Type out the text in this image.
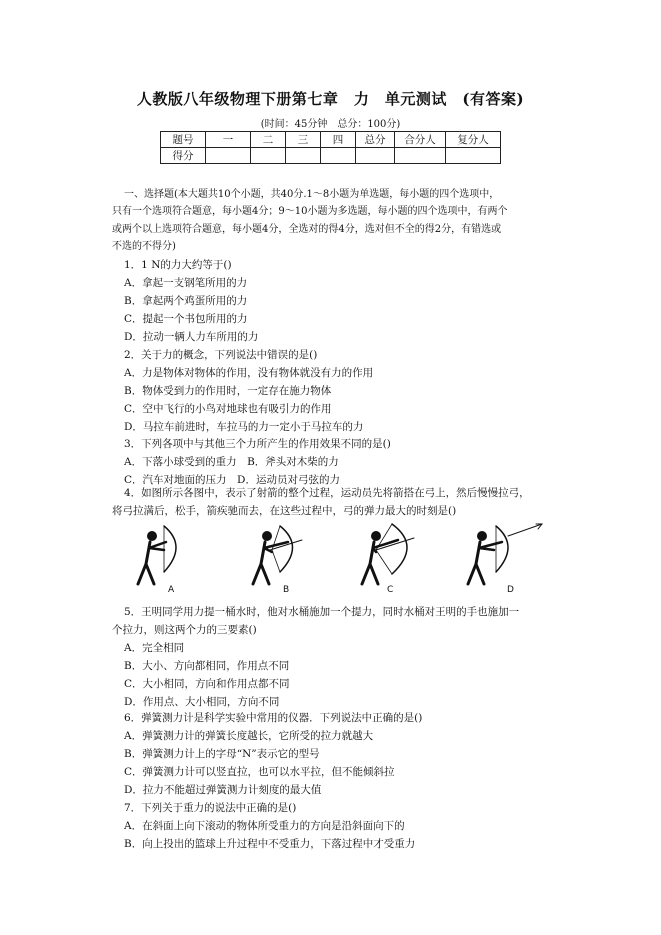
人教版八年级物理下册第七章　力　单元测试　(有答案)
(时间：45分钟　总分：100分)
题号	一	二	三	四	总分	合分人	复分人
得分							
一、选择题(本大题共10个小题，共40分.1～8小题为单选题，每小题的四个选项中，
只有一个选项符合题意，每小题4分；9～10小题为多选题，每小题的四个选项中，有两个
或两个以上选项符合题意，每小题4分，全选对的得4分，选对但不全的得2分，有错选或
不选的不得分)
1．1 N的力大约等于()
A．拿起一支钢笔所用的力
B．拿起两个鸡蛋所用的力
C．提起一个书包所用的力
D．拉动一辆人力车所用的力
2．关于力的概念，下列说法中错误的是()
A．力是物体对物体的作用，没有物体就没有力的作用
B．物体受到力的作用时，一定存在施力物体
C．空中飞行的小鸟对地球也有吸引力的作用
D．马拉车前进时，车拉马的力一定小于马拉车的力
3．下列各项中与其他三个力所产生的作用效果不同的是()
A．下落小球受到的重力　B．斧头对木柴的力
C．汽车对地面的压力　D．运动员对弓弦的力
4．如图所示各图中，表示了射箭的整个过程，运动员先将箭搭在弓上，然后慢慢拉弓，
将弓拉满后，松手，箭疾驰而去，在这些过程中，弓的弹力最大的时刻是()
A	B	C	D
5．王明同学用力提一桶水时，他对水桶施加一个提力，同时水桶对王明的手也施加一
个拉力，则这两个力的三要素()
A．完全相同
B．大小、方向都相同，作用点不同
C．大小相同，方向和作用点都不同
D．作用点、大小相同，方向不同
6．弹簧测力计是科学实验中常用的仪器．下列说法中正确的是()
A．弹簧测力计的弹簧长度越长，它所受的拉力就越大
B．弹簧测力计上的字母“N”表示它的型号
C．弹簧测力计可以竖直拉，也可以水平拉，但不能倾斜拉
D．拉力不能超过弹簧测力计刻度的最大值
7．下列关于重力的说法中正确的是()
A．在斜面上向下滚动的物体所受重力的方向是沿斜面向下的
B．向上投出的篮球上升过程中不受重力，下落过程中才受重力
